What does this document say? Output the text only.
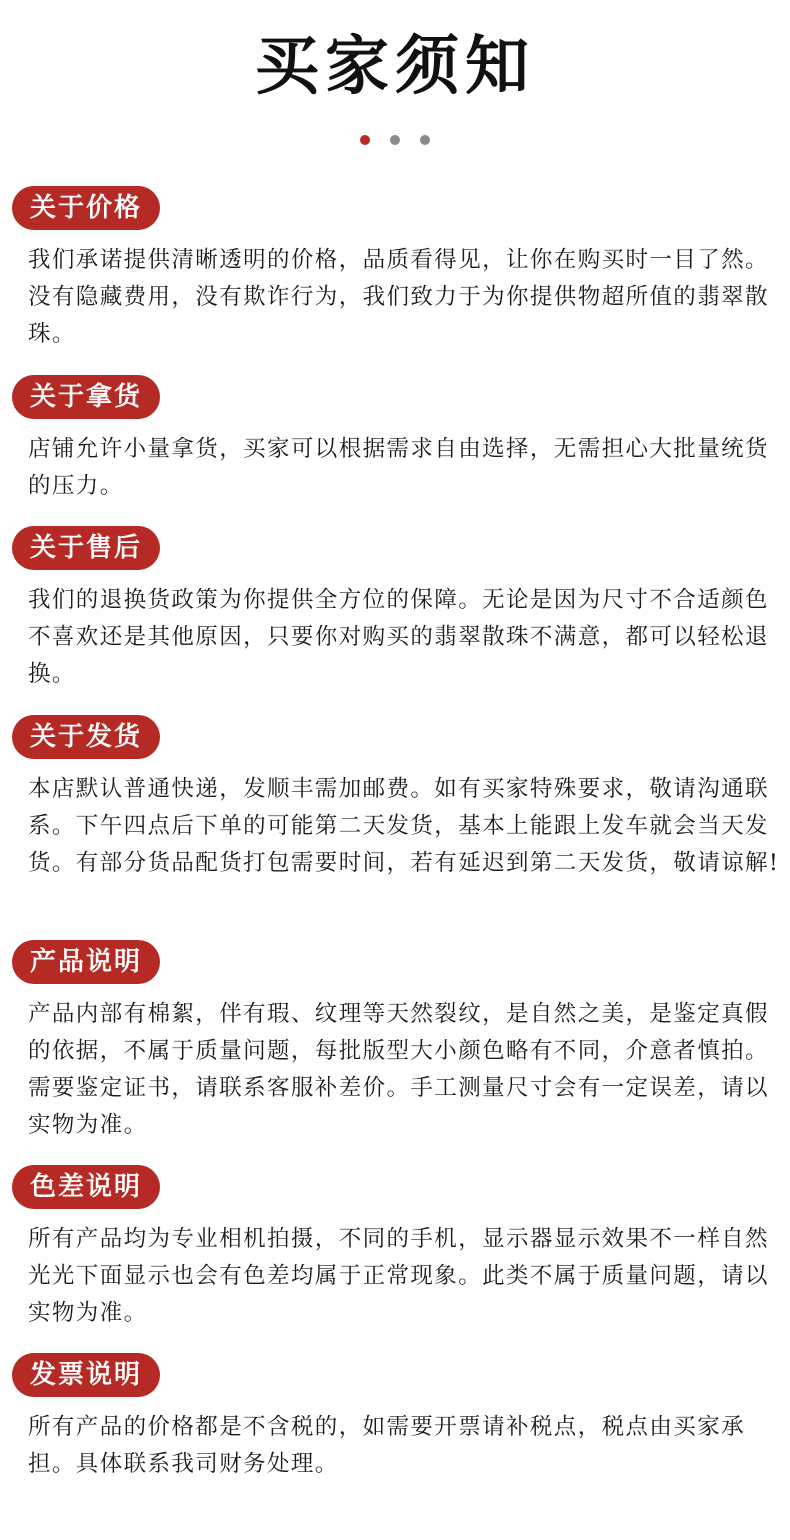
买家须知
关于价格

我们承诺提供清晰透明的价格，品质看得见，让你在购买时一目了然。没有隐藏费用，没有欺诈行为，我们致力于为你提供物超所值的翡翠散珠。

关于拿货

店铺允许小量拿货，买家可以根据需求自由选择，无需担心大批量统货的压力。

关于售后

我们的退换货政策为你提供全方位的保障。无论是因为尺寸不合适颜色不喜欢还是其他原因，只要你对购买的翡翠散珠不满意，都可以轻松退换。

关于发货

本店默认普通快递，发顺丰需加邮费。如有买家特殊要求，敬请沟通联系。下午四点后下单的可能第二天发货，基本上能跟上发车就会当天发货。有部分货品配货打包需要时间，若有延迟到第二天发货，敬请谅解!

产品说明

产品内部有棉絮，伴有瑕、纹理等天然裂纹，是自然之美，是鉴定真假的依据，不属于质量问题，每批版型大小颜色略有不同，介意者慎拍。需要鉴定证书，请联系客服补差价。手工测量尺寸会有一定误差，请以实物为准。

色差说明

所有产品均为专业相机拍摄，不同的手机，显示器显示效果不一样自然光光下面显示也会有色差均属于正常现象。此类不属于质量问题，请以实物为准。

发票说明

所有产品的价格都是不含税的，如需要开票请补税点，税点由买家承担。具体联系我司财务处理。
